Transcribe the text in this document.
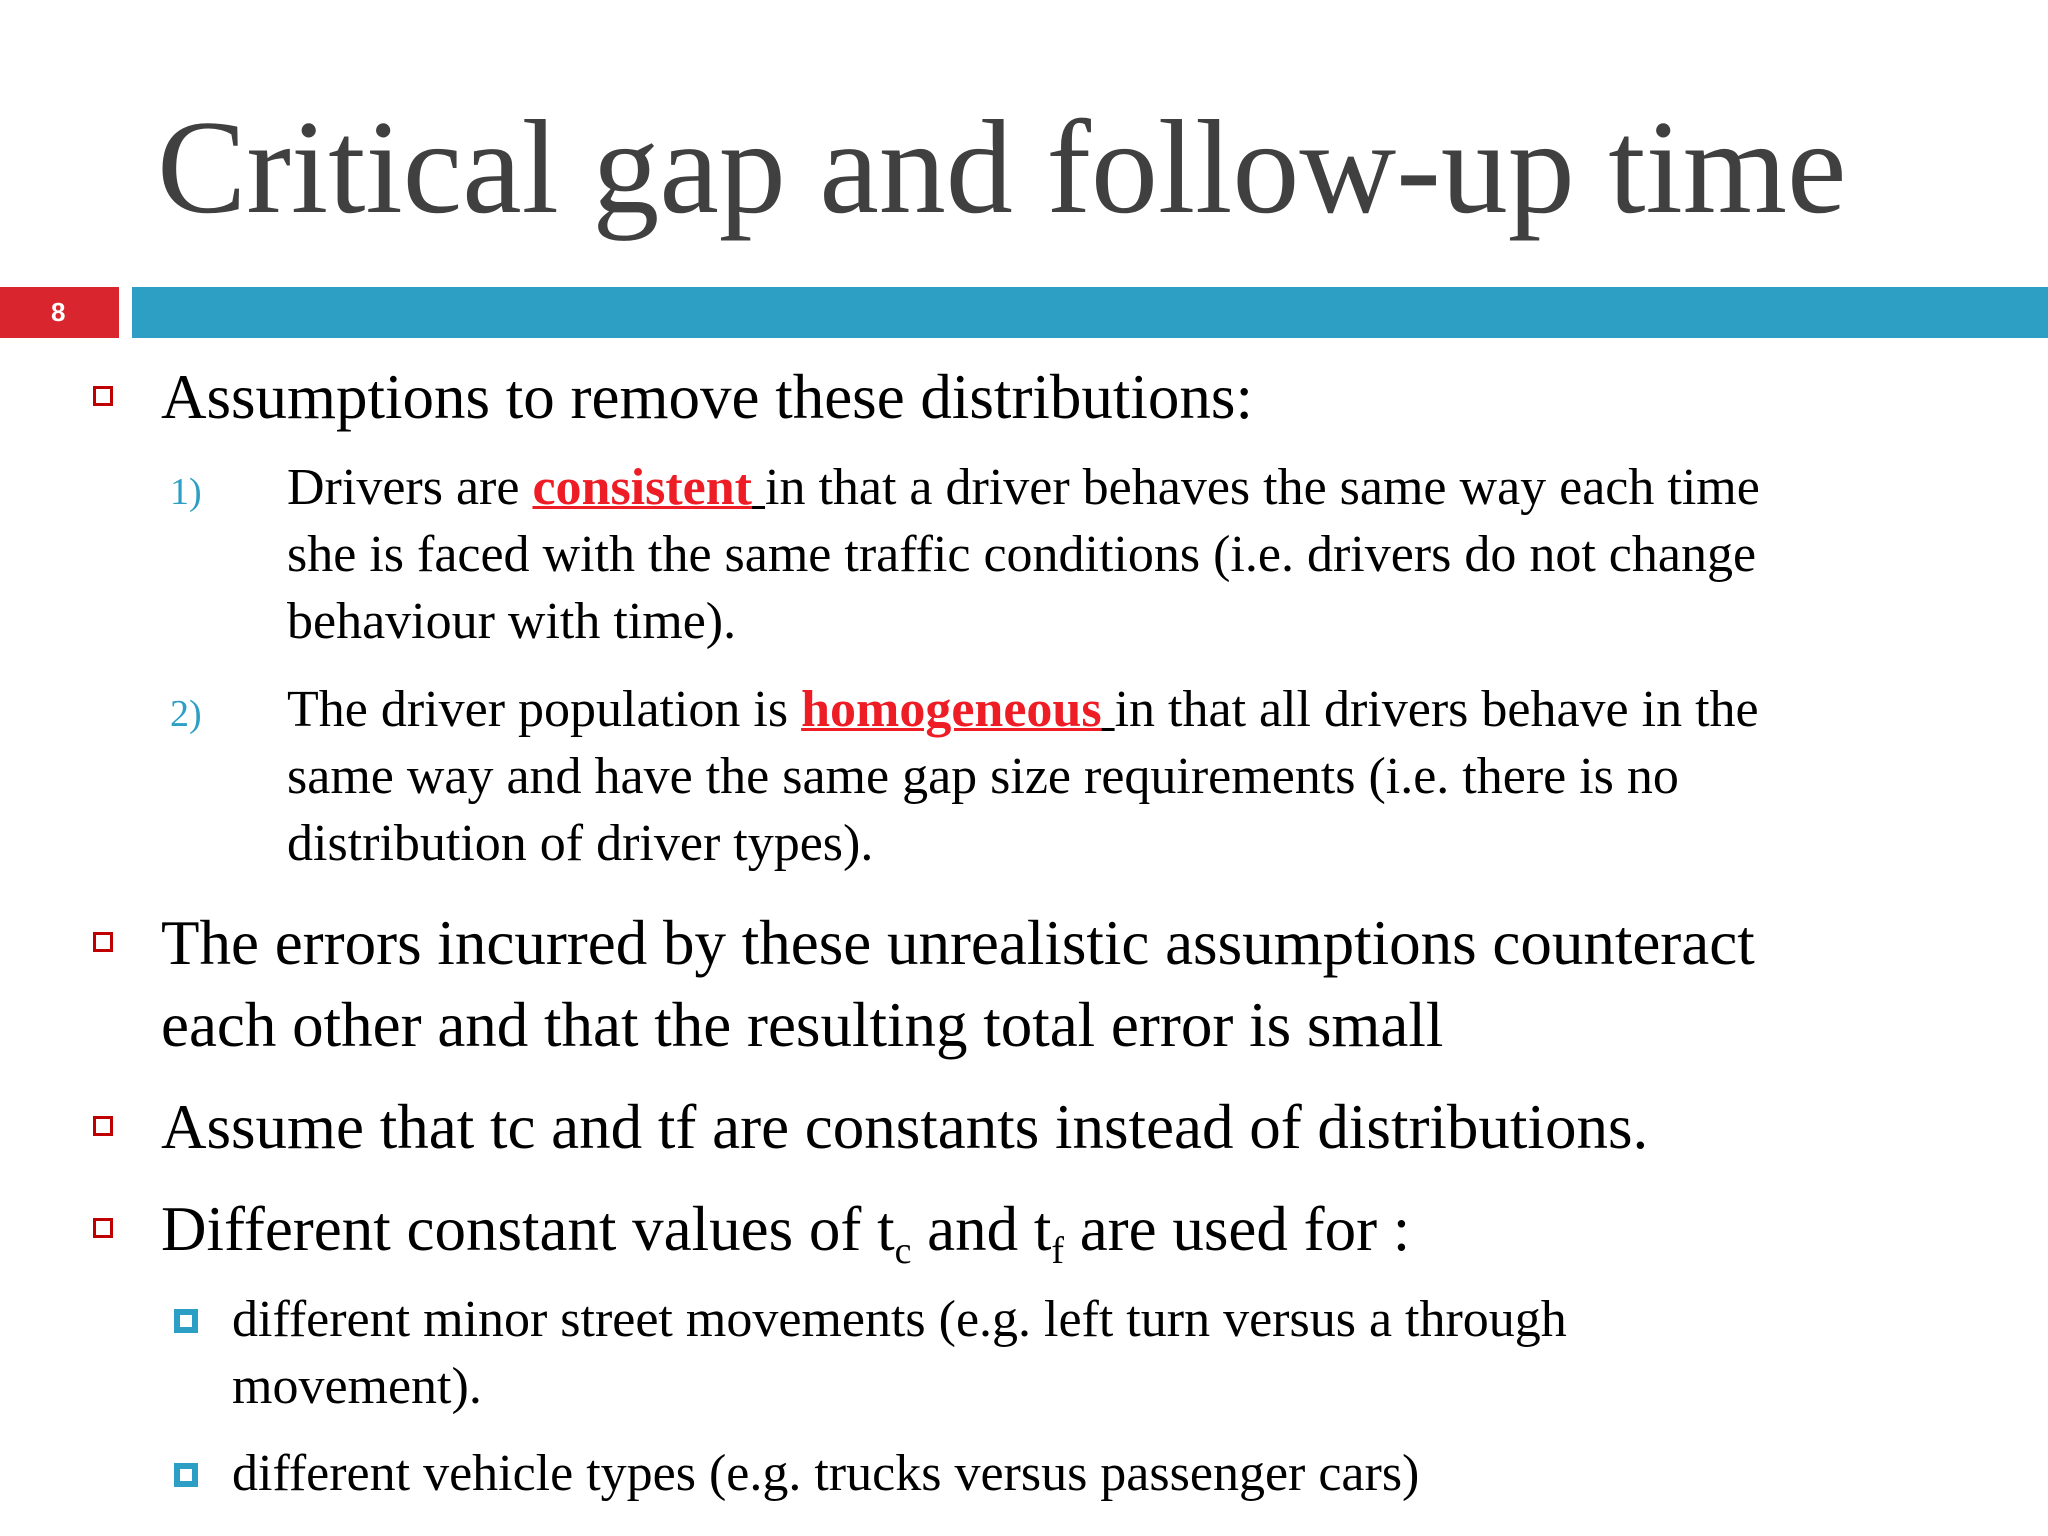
Critical gap and follow-up time
8
Assumptions to remove these distributions:
1) Drivers are consistent in that a driver behaves the same way each time
she is faced with the same traffic conditions (i.e. drivers do not change
behaviour with time).
2) The driver population is homogeneous in that all drivers behave in the
same way and have the same gap size requirements (i.e. there is no
distribution of driver types).
The errors incurred by these unrealistic assumptions counteract
each other and that the resulting total error is small
Assume that tc and tf are constants instead of distributions.
Different constant values of $t_c$ and $t_f$ are used for :
different minor street movements (e.g. left turn versus a through
movement).
different vehicle types (e.g. trucks versus passenger cars)
